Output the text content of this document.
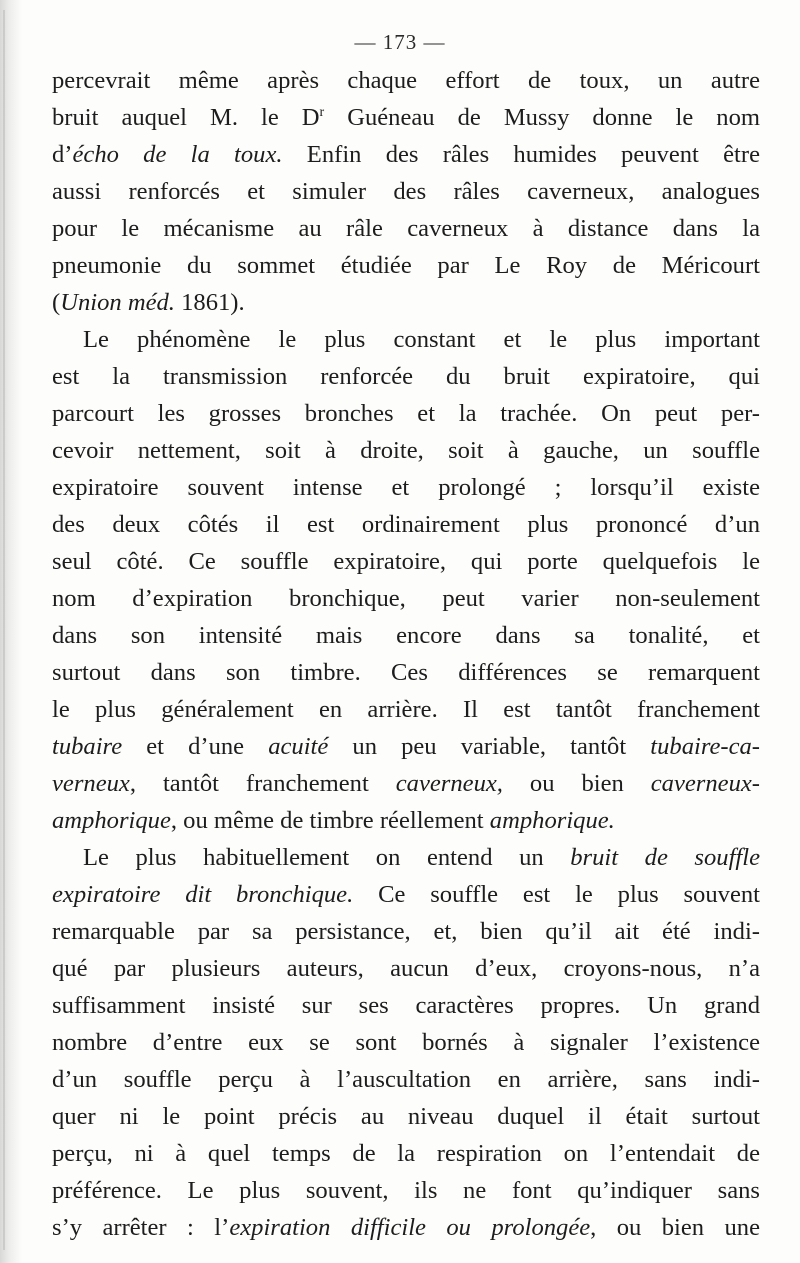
— 173 —
percevrait même après chaque effort de toux, un autre
bruit auquel M. le $D^r$ Guéneau de Mussy donne le nom
d’écho de la toux. Enfin des râles humides peuvent être
aussi renforcés et simuler des râles caverneux, analogues
pour le mécanisme au râle caverneux à distance dans la
pneumonie du sommet étudiée par Le Roy de Méricourt
(Union méd. 1861).
Le phénomène le plus constant et le plus important
est la transmission renforcée du bruit expiratoire, qui
parcourt les grosses bronches et la trachée. On peut per-
cevoir nettement, soit à droite, soit à gauche, un souffle
expiratoire souvent intense et prolongé ; lorsqu’il existe
des deux côtés il est ordinairement plus prononcé d’un
seul côté. Ce souffle expiratoire, qui porte quelquefois le
nom d’expiration bronchique, peut varier non-seulement
dans son intensité mais encore dans sa tonalité, et
surtout dans son timbre. Ces différences se remarquent
le plus généralement en arrière. Il est tantôt franchement
tubaire et d’une acuité un peu variable, tantôt tubaire-ca-
verneux, tantôt franchement caverneux, ou bien caverneux-
amphorique, ou même de timbre réellement amphorique.
Le plus habituellement on entend un bruit de souffle
expiratoire dit bronchique. Ce souffle est le plus souvent
remarquable par sa persistance, et, bien qu’il ait été indi-
qué par plusieurs auteurs, aucun d’eux, croyons-nous, n’a
suffisamment insisté sur ses caractères propres. Un grand
nombre d’entre eux se sont bornés à signaler l’existence
d’un souffle perçu à l’auscultation en arrière, sans indi-
quer ni le point précis au niveau duquel il était surtout
perçu, ni à quel temps de la respiration on l’entendait de
préférence. Le plus souvent, ils ne font qu’indiquer sans
s’y arrêter : l’expiration difficile ou prolongée, ou bien une
